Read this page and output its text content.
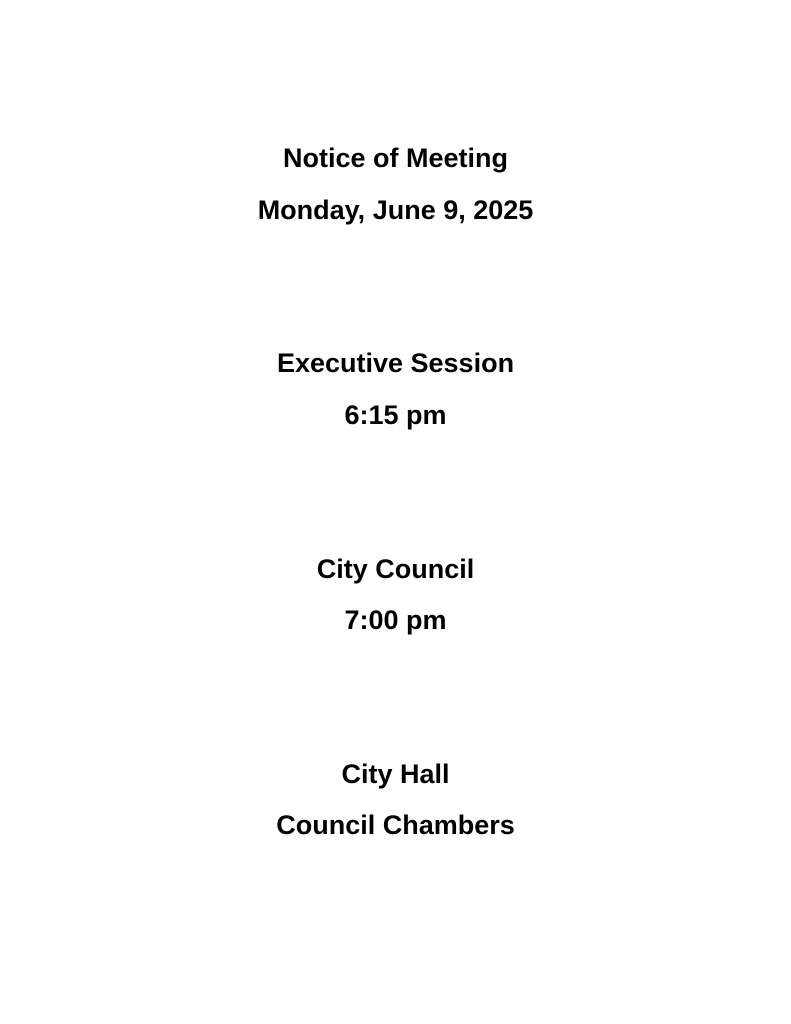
Notice of Meeting
Monday, June 9, 2025
Executive Session
6:15 pm
City Council
7:00 pm
City Hall
Council Chambers
